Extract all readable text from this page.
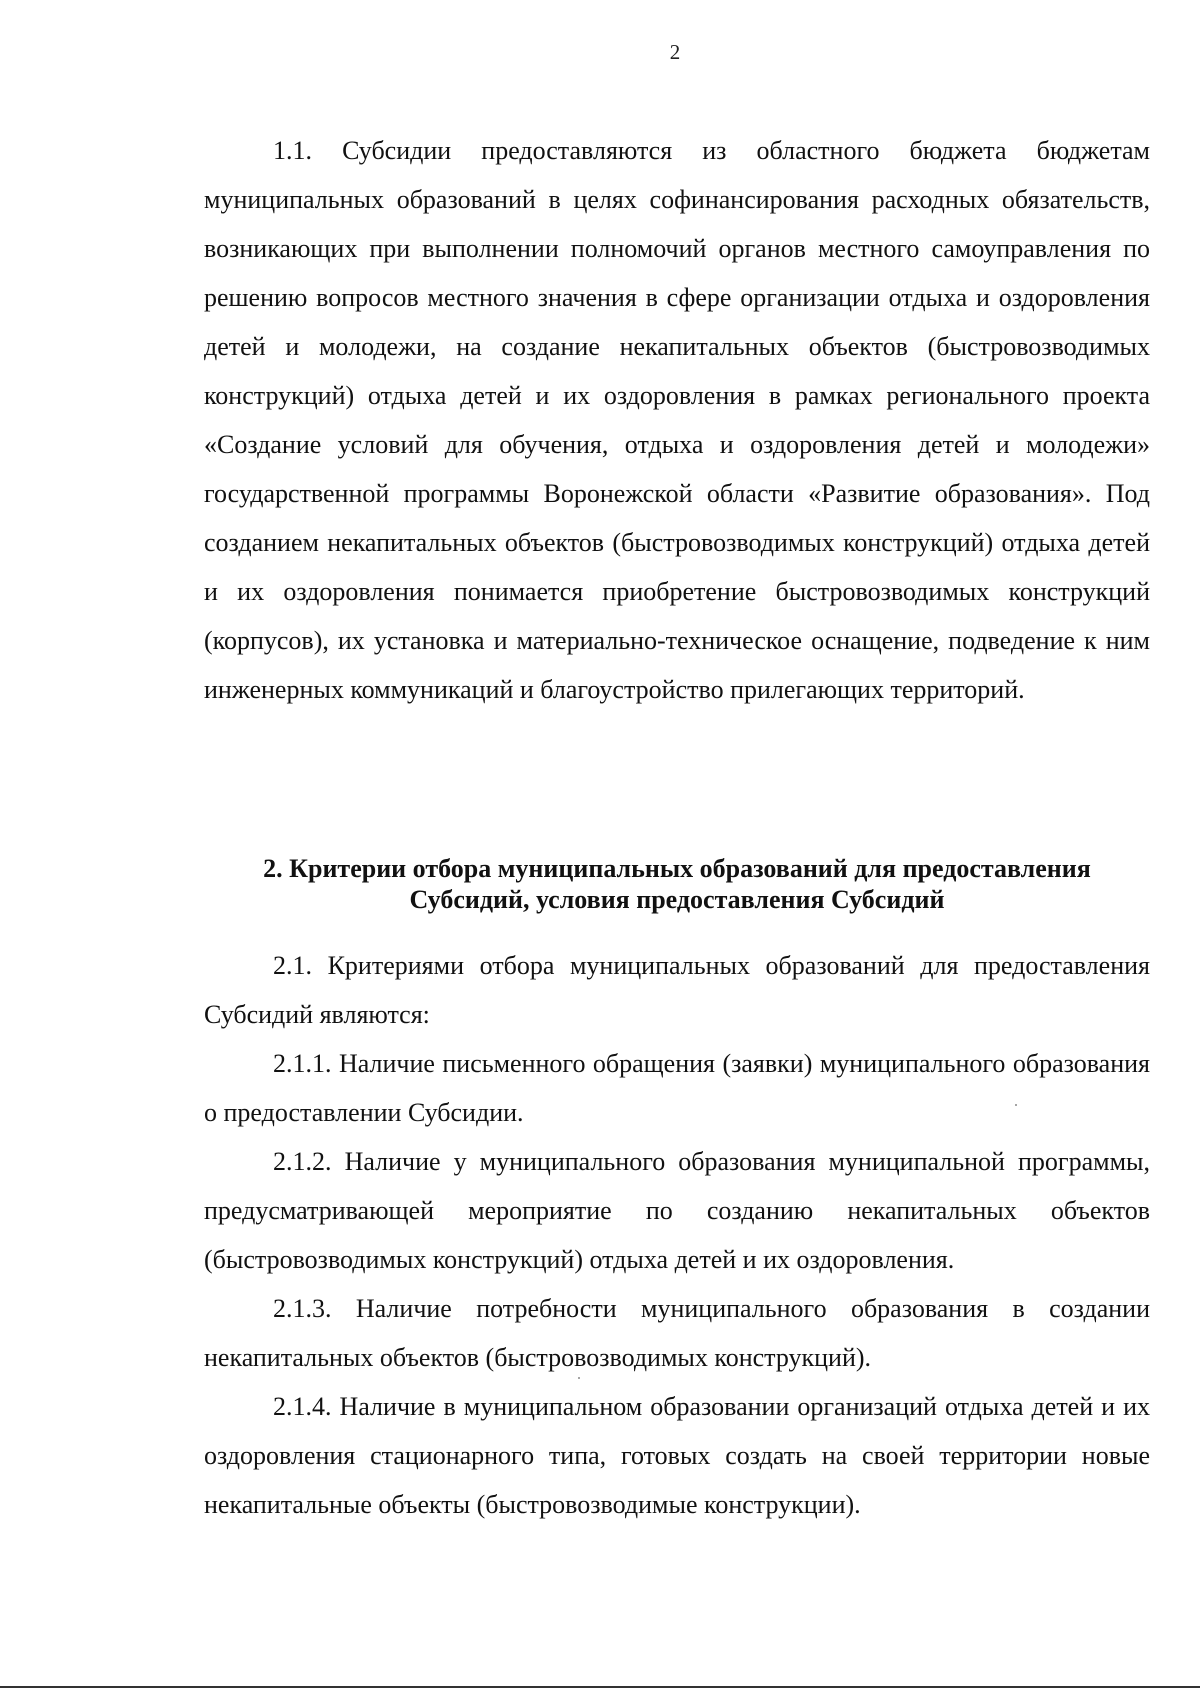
2

1.1. Субсидии предоставляются из областного бюджета бюджетам муниципальных образований в целях софинансирования расходных обязательств, возникающих при выполнении полномочий органов местного самоуправления по решению вопросов местного значения в сфере организации отдыха и оздоровления детей и молодежи, на создание некапитальных объектов (быстровозводимых конструкций) отдыха детей и их оздоровления в рамках регионального проекта «Создание условий для обучения, отдыха и оздоровления детей и молодежи» государственной программы Воронежской области «Развитие образования». Под созданием некапитальных объектов (быстровозводимых конструкций) отдыха детей и их оздоровления понимается приобретение быстровозводимых конструкций (корпусов), их установка и материально-техническое оснащение, подведение к ним инженерных коммуникаций и благоустройство прилегающих территорий.

2. Критерии отбора муниципальных образований для предоставления
Субсидий, условия предоставления Субсидий

2.1. Критериями отбора муниципальных образований для предоставления Субсидий являются:

2.1.1. Наличие письменного обращения (заявки) муниципального образования о предоставлении Субсидии.

2.1.2. Наличие у муниципального образования муниципальной программы, предусматривающей мероприятие по созданию некапитальных объектов (быстровозводимых конструкций) отдыха детей и их оздоровления.

2.1.3. Наличие потребности муниципального образования в создании некапитальных объектов (быстровозводимых конструкций).

2.1.4. Наличие в муниципальном образовании организаций отдыха детей и их оздоровления стационарного типа, готовых создать на своей территории новые некапитальные объекты (быстровозводимые конструкции).
